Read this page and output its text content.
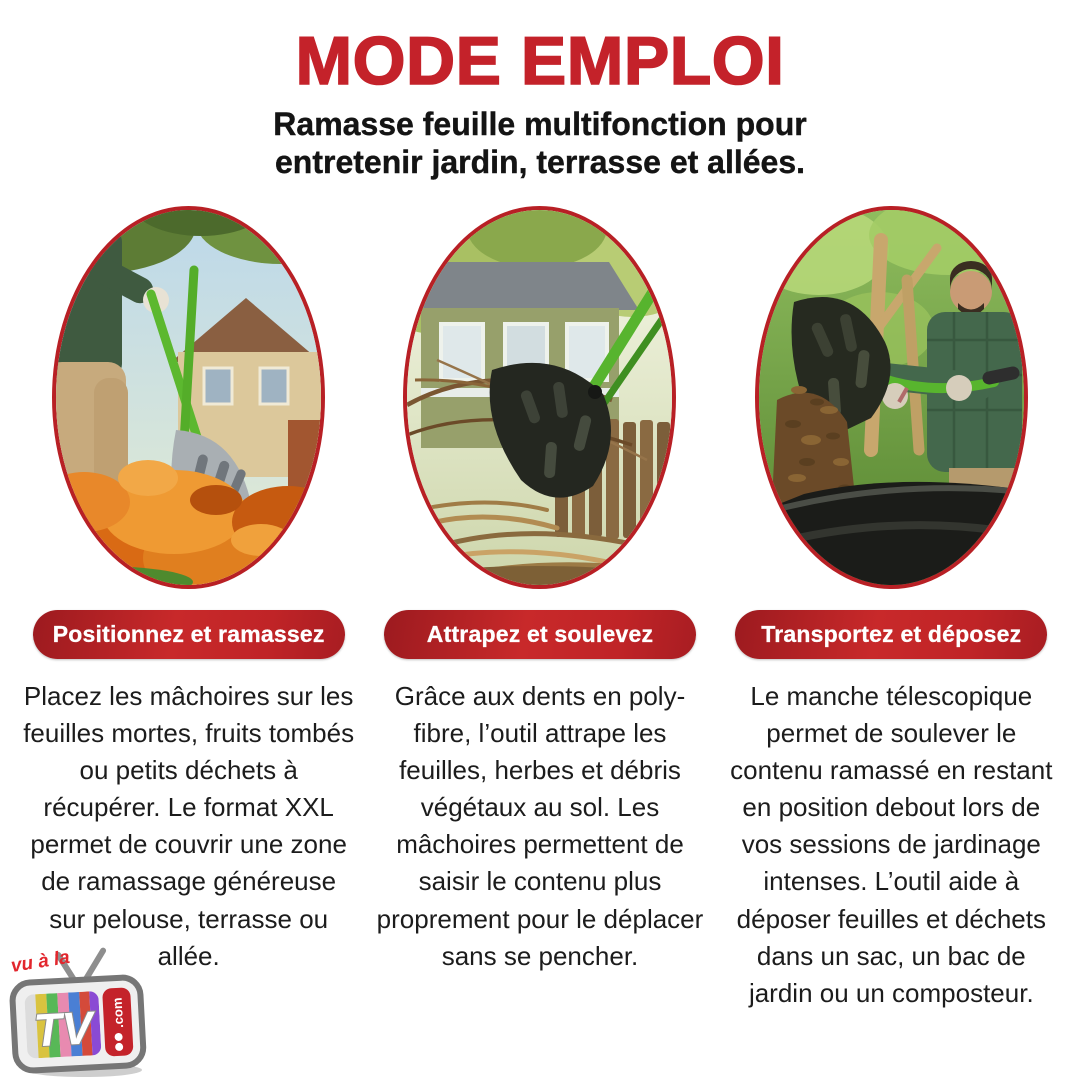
MODE EMPLOI
Ramasse feuille multifonction pour
entretenir jardin, terrasse et allées.
Positionnez et ramassez

Placez les mâchoires sur les feuilles mortes, fruits tombés ou petits déchets à récupérer. Le format XXL permet de couvrir une zone de ramassage généreuse sur pelouse, terrasse ou allée.

Attrapez et soulevez

Grâce aux dents en poly-fibre, l’outil attrape les feuilles, herbes et débris végétaux au sol. Les mâchoires permettent de saisir le contenu plus proprement pour le déplacer sans se pencher.

Transportez et déposez

Le manche télescopique permet de soulever le contenu ramassé en restant en position debout lors de vos sessions de jardinage intenses. L’outil aide à déposer feuilles et déchets dans un sac, un bac de jardin ou un composteur.

TV .com
vu à la
